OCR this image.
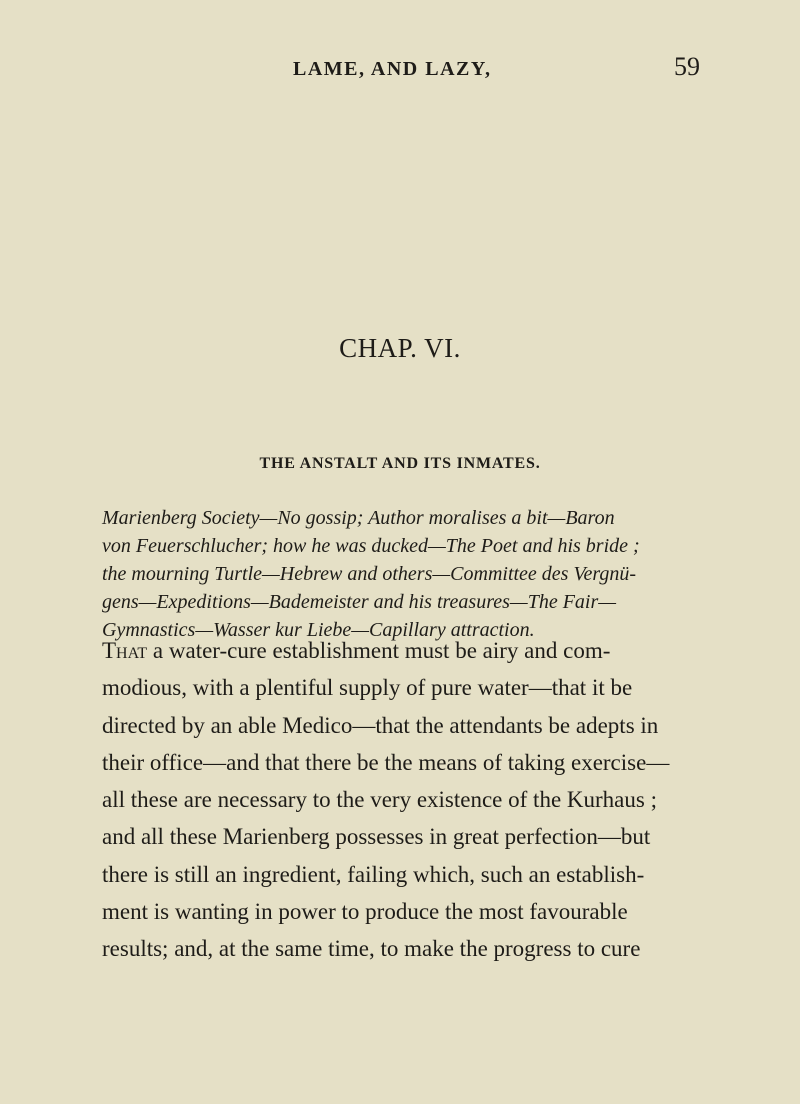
LAME, AND LAZY,	59
CHAP. VI.
THE ANSTALT AND ITS INMATES.
Marienberg Society—No gossip; Author moralises a bit—Baron
von Feuerschlucher; how he was ducked—The Poet and his bride ;
the mourning Turtle—Hebrew and others—Committee des Vergnü-
gens—Expeditions—Bademeister and his treasures—The Fair—
Gymnastics—Wasser kur Liebe—Capillary attraction.
That a water-cure establishment must be airy and com-
modious, with a plentiful supply of pure water—that it be
directed by an able Medico—that the attendants be adepts in
their office—and that there be the means of taking exercise—
all these are necessary to the very existence of the Kurhaus ;
and all these Marienberg possesses in great perfection—but
there is still an ingredient, failing which, such an establish-
ment is wanting in power to produce the most favourable
results; and, at the same time, to make the progress to cure
